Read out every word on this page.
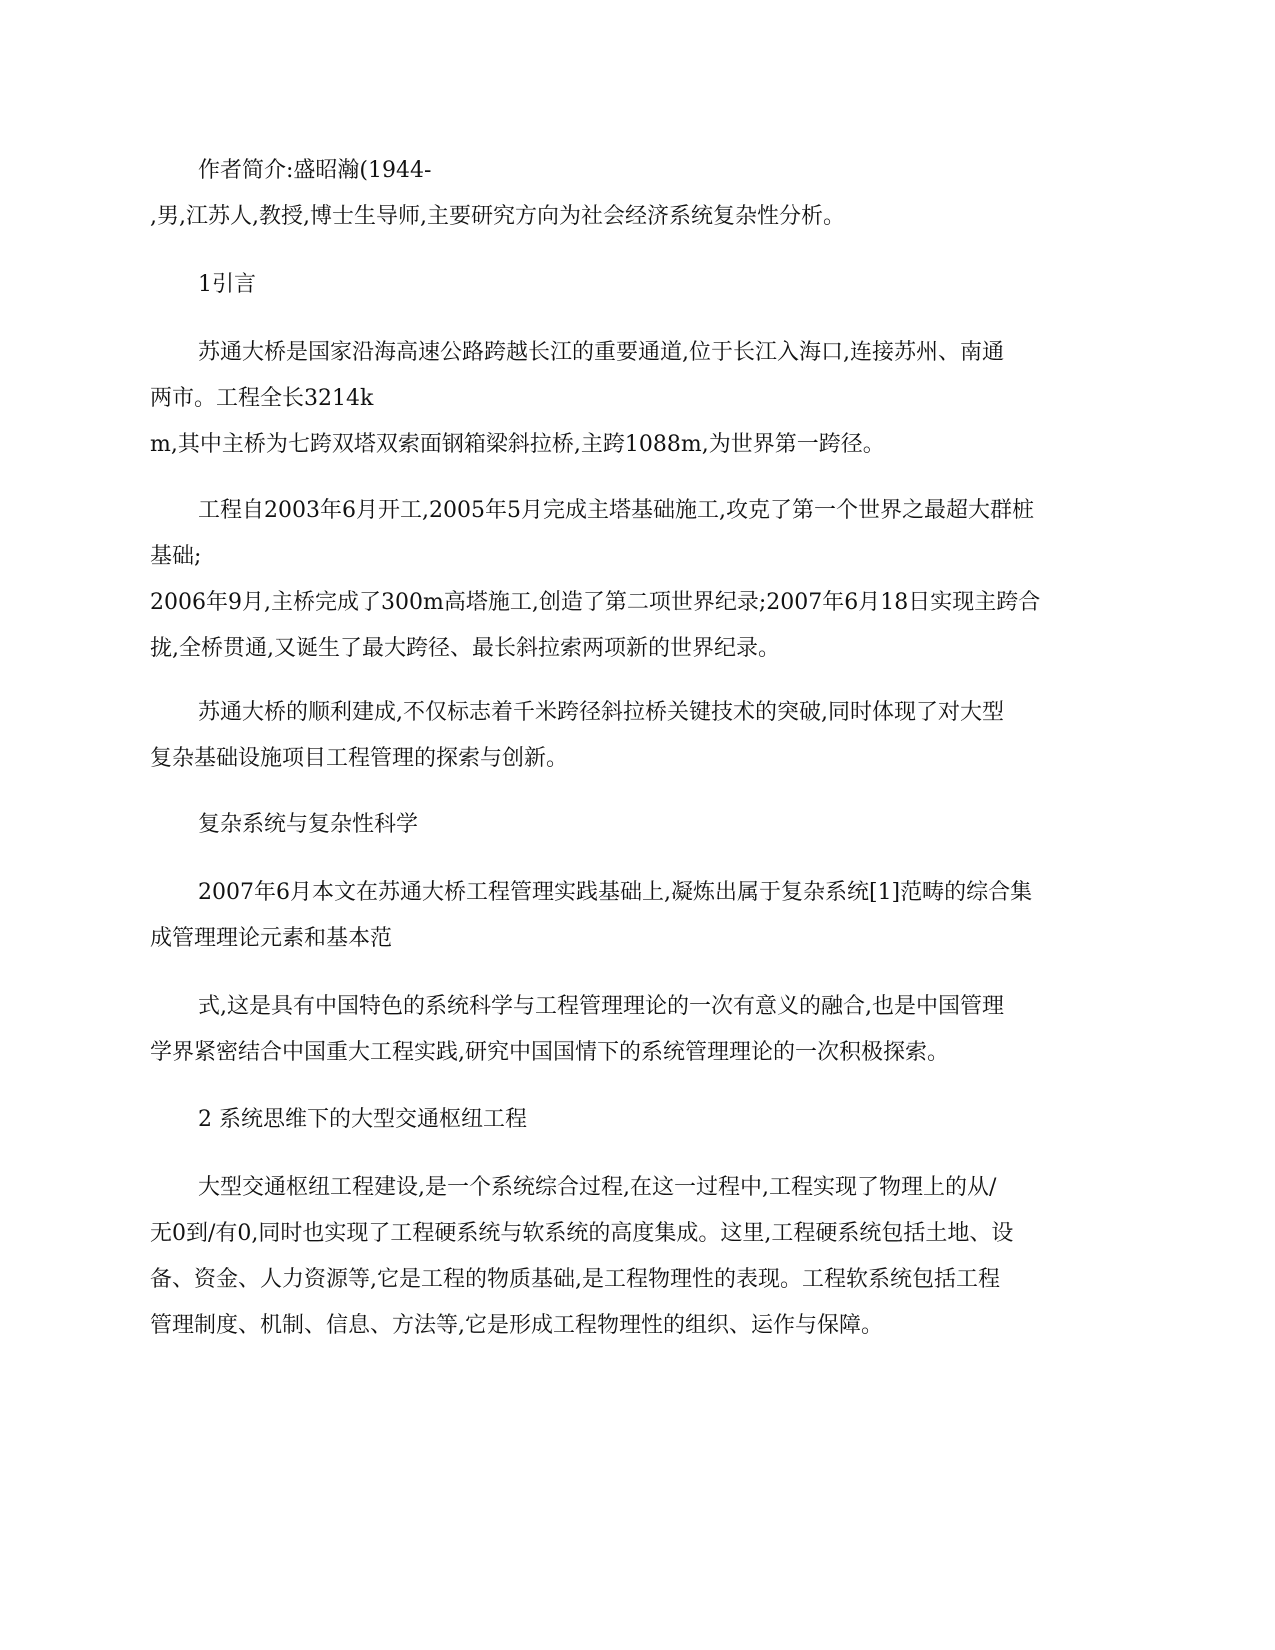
作者简介:盛昭瀚(1944-
,男,江苏人,教授,博士生导师,主要研究方向为社会经济系统复杂性分析。
1引言
苏通大桥是国家沿海高速公路跨越长江的重要通道,位于长江入海口,连接苏州、南通
两市。工程全长3214k
m,其中主桥为七跨双塔双索面钢箱梁斜拉桥,主跨1088m,为世界第一跨径。
工程自2003年6月开工,2005年5月完成主塔基础施工,攻克了第一个世界之最超大群桩
基础;
2006年9月,主桥完成了300m高塔施工,创造了第二项世界纪录;2007年6月18日实现主跨合
拢,全桥贯通,又诞生了最大跨径、最长斜拉索两项新的世界纪录。
苏通大桥的顺利建成,不仅标志着千米跨径斜拉桥关键技术的突破,同时体现了对大型
复杂基础设施项目工程管理的探索与创新。
复杂系统与复杂性科学
2007年6月本文在苏通大桥工程管理实践基础上,凝炼出属于复杂系统[1]范畴的综合集
成管理理论元素和基本范
式,这是具有中国特色的系统科学与工程管理理论的一次有意义的融合,也是中国管理
学界紧密结合中国重大工程实践,研究中国国情下的系统管理理论的一次积极探索。
2 系统思维下的大型交通枢纽工程
大型交通枢纽工程建设,是一个系统综合过程,在这一过程中,工程实现了物理上的从/
无0到/有0,同时也实现了工程硬系统与软系统的高度集成。这里,工程硬系统包括土地、设
备、资金、人力资源等,它是工程的物质基础,是工程物理性的表现。工程软系统包括工程
管理制度、机制、信息、方法等,它是形成工程物理性的组织、运作与保障。
